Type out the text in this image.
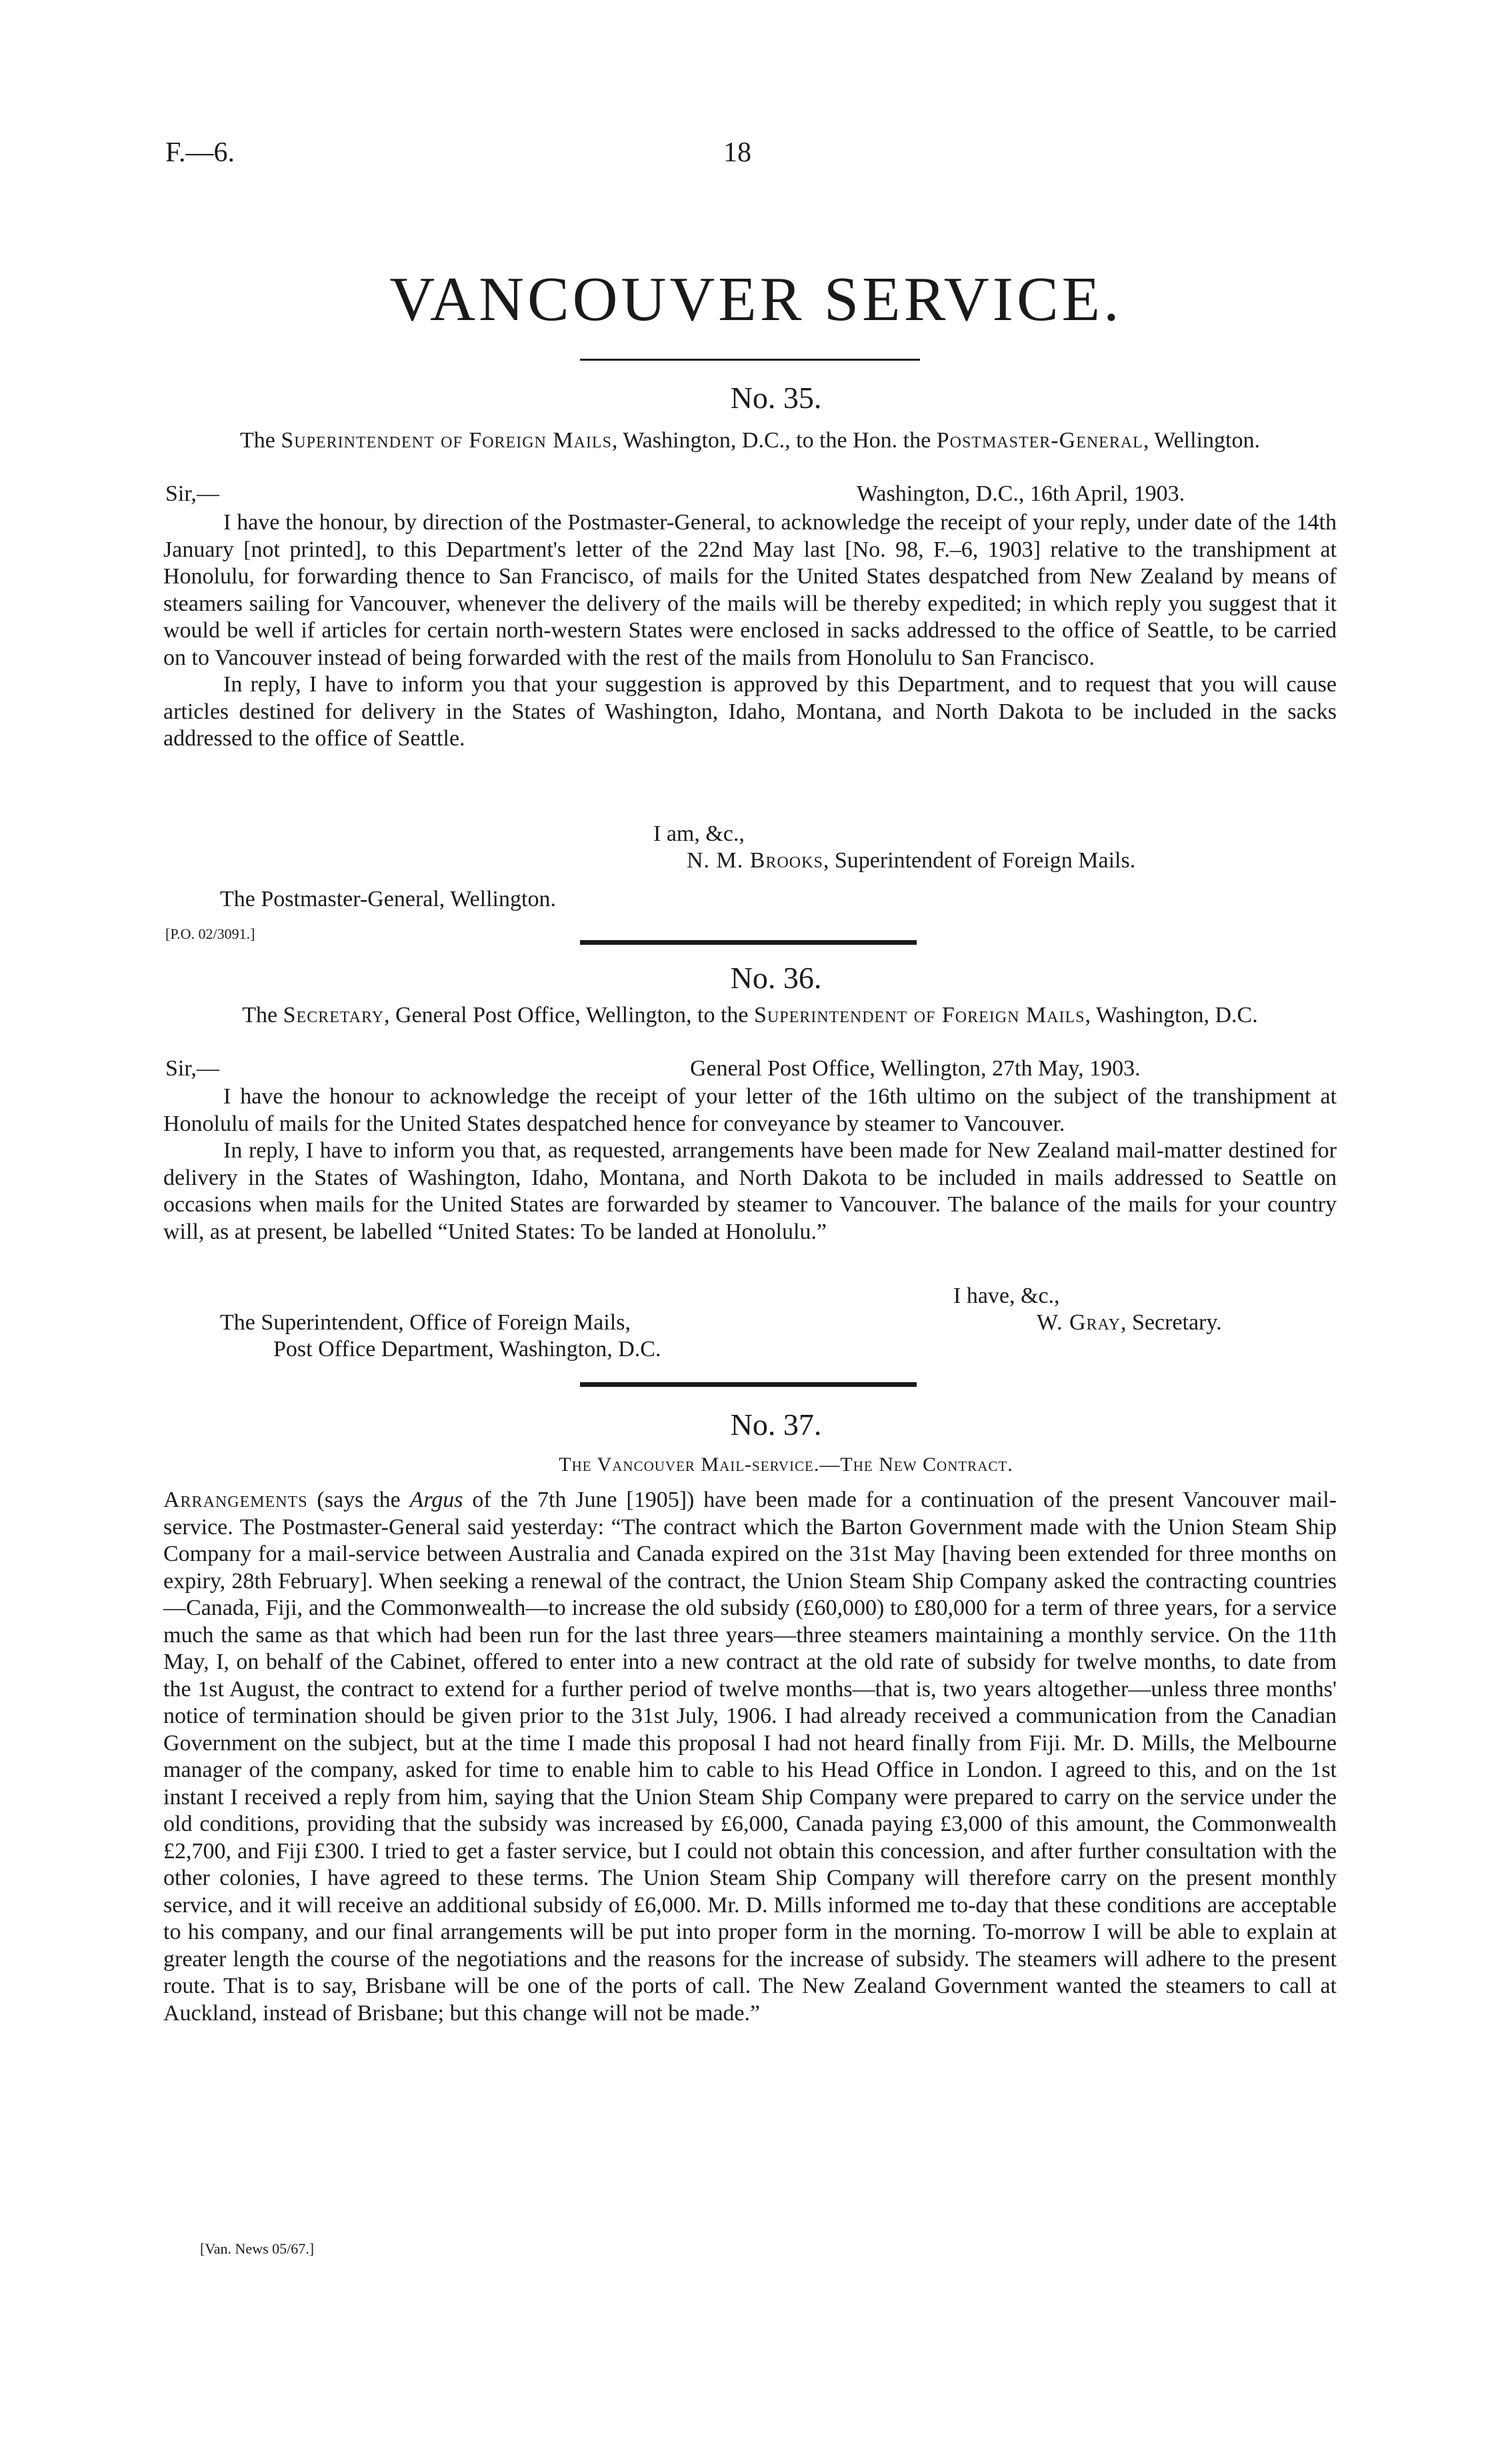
F.—6.	18
VANCOUVER SERVICE.
No. 35.
The Superintendent of Foreign Mails, Washington, D.C., to the Hon. the Postmaster-General, Wellington.
Sir,—	Washington, D.C., 16th April, 1903.

I have the honour, by direction of the Postmaster-General, to acknowledge the receipt of your reply, under date of the 14th January [not printed], to this Department's letter of the 22nd May last [No. 98, F.–6, 1903] relative to the transhipment at Honolulu, for forwarding thence to San Francisco, of mails for the United States despatched from New Zealand by means of steamers sailing for Vancouver, whenever the delivery of the mails will be thereby expedited; in which reply you suggest that it would be well if articles for certain north-western States were enclosed in sacks addressed to the office of Seattle, to be carried on to Vancouver instead of being forwarded with the rest of the mails from Honolulu to San Francisco.

In reply, I have to inform you that your suggestion is approved by this Department, and to request that you will cause articles destined for delivery in the States of Washington, Idaho, Montana, and North Dakota to be included in the sacks addressed to the office of Seattle.

I am, &c.,
N. M. Brooks, Superintendent of Foreign Mails.
The Postmaster-General, Wellington.
[P.O. 02/3091.]
No. 36.
The Secretary, General Post Office, Wellington, to the Superintendent of Foreign Mails, Washington, D.C.
Sir,—	General Post Office, Wellington, 27th May, 1903.

I have the honour to acknowledge the receipt of your letter of the 16th ultimo on the subject of the transhipment at Honolulu of mails for the United States despatched hence for conveyance by steamer to Vancouver.

In reply, I have to inform you that, as requested, arrangements have been made for New Zealand mail-matter destined for delivery in the States of Washington, Idaho, Montana, and North Dakota to be included in mails addressed to Seattle on occasions when mails for the United States are forwarded by steamer to Vancouver. The balance of the mails for your country will, as at present, be labelled “United States: To be landed at Honolulu.”

I have, &c.,
The Superintendent, Office of Foreign Mails,	W. Gray, Secretary.
Post Office Department, Washington, D.C.
No. 37.
The Vancouver Mail-service.—The New Contract.

Arrangements (says the Argus of the 7th June [1905]) have been made for a continuation of the present Vancouver mail-service. The Postmaster-General said yesterday: “The contract which the Barton Government made with the Union Steam Ship Company for a mail-service between Australia and Canada expired on the 31st May [having been extended for three months on expiry, 28th February]. When seeking a renewal of the contract, the Union Steam Ship Company asked the contracting countries—Canada, Fiji, and the Commonwealth—to increase the old subsidy (£60,000) to £80,000 for a term of three years, for a service much the same as that which had been run for the last three years—three steamers maintaining a monthly service. On the 11th May, I, on behalf of the Cabinet, offered to enter into a new contract at the old rate of subsidy for twelve months, to date from the 1st August, the contract to extend for a further period of twelve months—that is, two years altogether—unless three months' notice of termination should be given prior to the 31st July, 1906. I had already received a communication from the Canadian Government on the subject, but at the time I made this proposal I had not heard finally from Fiji. Mr. D. Mills, the Melbourne manager of the company, asked for time to enable him to cable to his Head Office in London. I agreed to this, and on the 1st instant I received a reply from him, saying that the Union Steam Ship Company were prepared to carry on the service under the old conditions, providing that the subsidy was increased by £6,000, Canada paying £3,000 of this amount, the Commonwealth £2,700, and Fiji £300. I tried to get a faster service, but I could not obtain this concession, and after further consultation with the other colonies, I have agreed to these terms. The Union Steam Ship Company will therefore carry on the present monthly service, and it will receive an additional subsidy of £6,000. Mr. D. Mills informed me to-day that these conditions are acceptable to his company, and our final arrangements will be put into proper form in the morning. To-morrow I will be able to explain at greater length the course of the negotiations and the reasons for the increase of subsidy. The steamers will adhere to the present route. That is to say, Brisbane will be one of the ports of call. The New Zealand Government wanted the steamers to call at Auckland, instead of Brisbane; but this change will not be made.”

[Van. News 05/67.]
